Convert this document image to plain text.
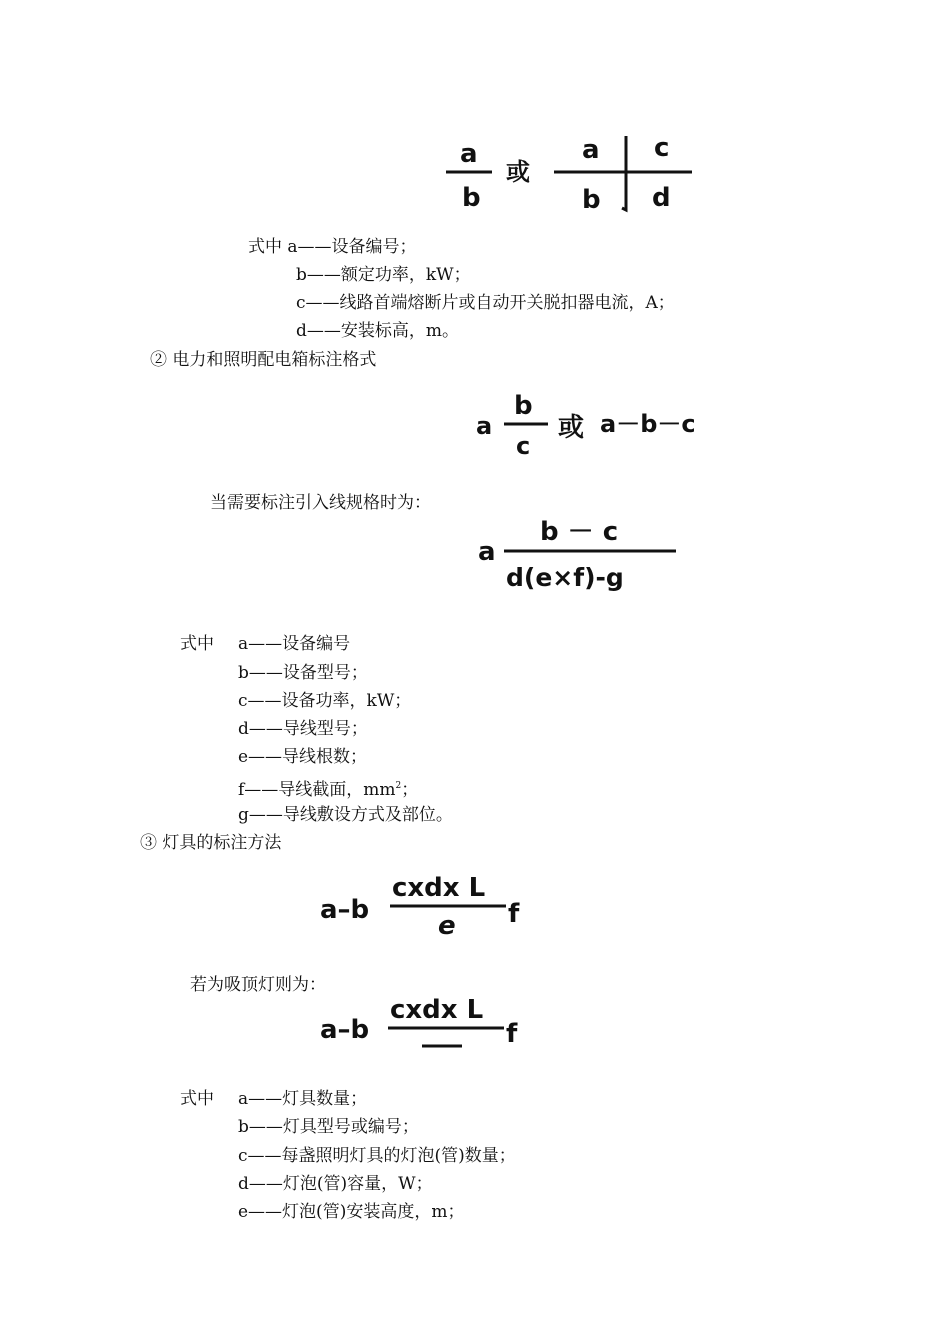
a
b
或
a c
b d
式中 a——设备编号；
b——额定功率，kW；
c——线路首端熔断片或自动开关脱扣器电流，A；
d——安装标高，m。
② 电力和照明配电箱标注格式
a
b
c
或 a－b－c
当需要标注引入线规格时为：
a
b － c
d(e×f)-g
式中 a——设备编号
b——设备型号；
c——设备功率，kW；
d——导线型号；
e——导线根数；
f——导线截面，$mm^2$；
g——导线敷设方式及部位。
③ 灯具的标注方法
a–b
cxdx L
e f
若为吸顶灯则为：
a–b
cxdx L
f
式中 a——灯具数量；
b——灯具型号或编号；
c——每盏照明灯具的灯泡(管)数量；
d——灯泡(管)容量，W；
e——灯泡(管)安装高度，m；
